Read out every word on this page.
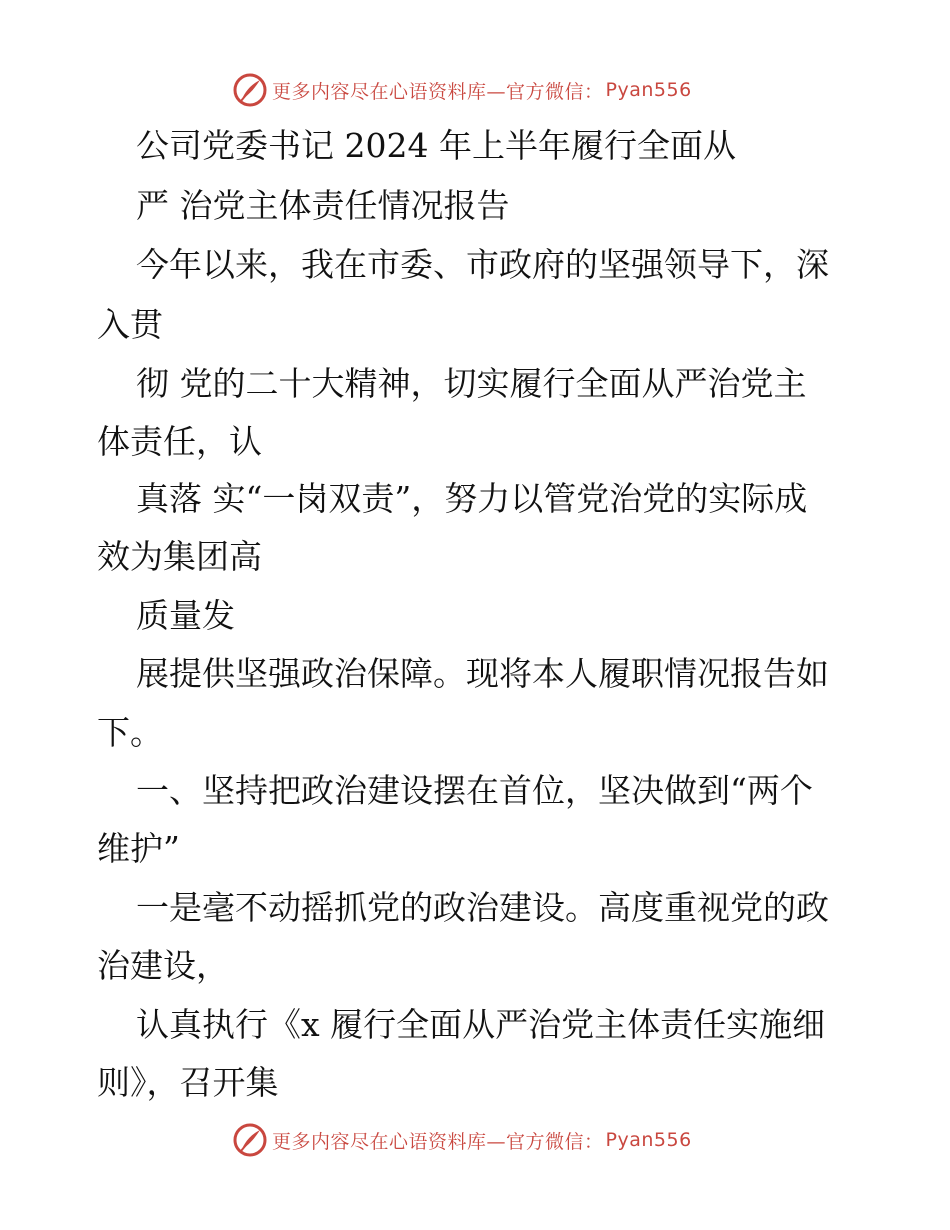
更多内容尽在心语资料库—官方微信： Pyan556
公司党委书记 2024 年上半年履行全面从
严 治党主体责任情况报告
今年以来，我在市委、市政府的坚强领导下，深
入贯
彻 党的二十大精神，切实履行全面从严治党主
体责任，认
真落 实“一岗双责”，努力以管党治党的实际成
效为集团高
质量发
展提供坚强政治保障。现将本人履职情况报告如
下。
一、坚持把政治建设摆在首位，坚决做到“两个
维护”
一是毫不动摇抓党的政治建设。高度重视党的政
治建设，
认真执行《x 履行全面从严治党主体责任实施细
则》，召开集
更多内容尽在心语资料库—官方微信： Pyan556
